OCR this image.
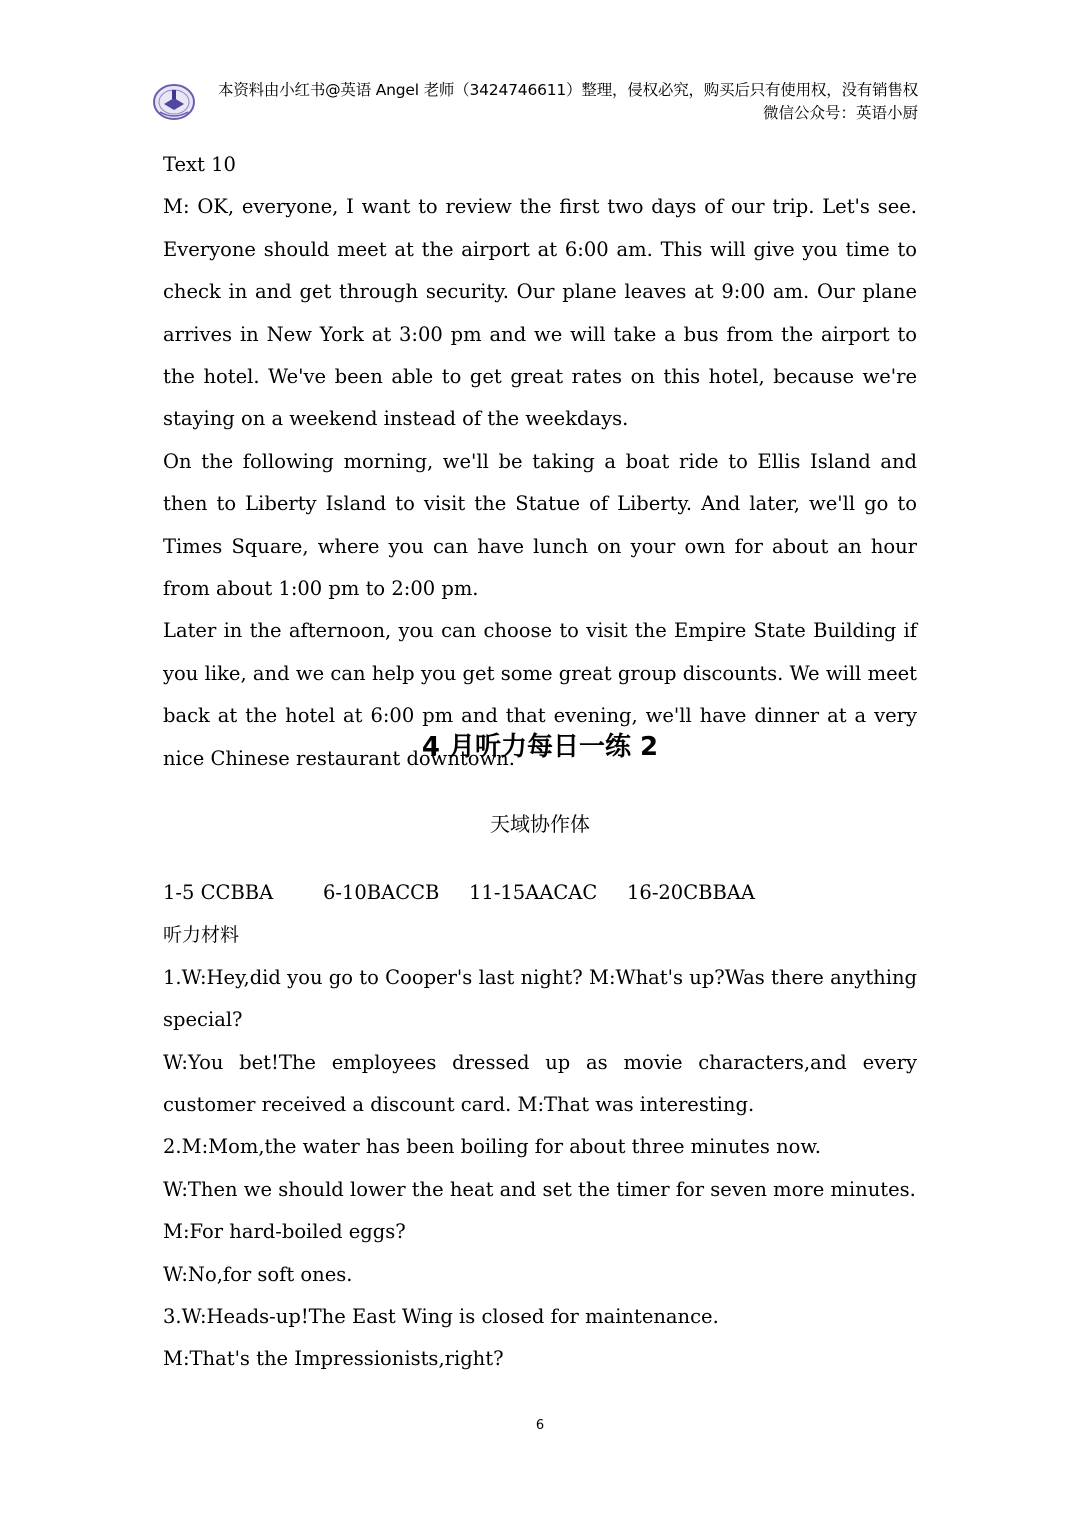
本资料由小红书@英语 Angel 老师（3424746611）整理，侵权必究，购买后只有使用权，没有销售权
微信公众号：英语小厨

Text 10

M: OK, everyone, I want to review the first two days of our trip. Let's see. Everyone should meet at the airport at 6:00 am. This will give you time to check in and get through security. Our plane leaves at 9:00 am. Our plane arrives in New York at 3:00 pm and we will take a bus from the airport to the hotel. We've been able to get great rates on this hotel, because we're staying on a weekend instead of the weekdays.

On the following morning, we'll be taking a boat ride to Ellis Island and then to Liberty Island to visit the Statue of Liberty. And later, we'll go to Times Square, where you can have lunch on your own for about an hour from about 1:00 pm to 2:00 pm.

Later in the afternoon, you can choose to visit the Empire State Building if you like, and we can help you get some great group discounts. We will meet back at the hotel at 6:00 pm and that evening, we'll have dinner at a very nice Chinese restaurant downtown.

4 月听力每日一练 2
天域协作体

1-5 CCBBA	6-10BACCB 11-15AACAC 16-20CBBAA

听力材料

1.W:Hey,did you go to Cooper's last night? M:What's up?Was there anything special?

W:You bet!The employees dressed up as movie characters,and every customer received a discount card. M:That was interesting.

2.M:Mom,the water has been boiling for about three minutes now.

W:Then we should lower the heat and set the timer for seven more minutes.

M:For hard-boiled eggs?

W:No,for soft ones.

3.W:Heads-up!The East Wing is closed for maintenance.

M:That's the Impressionists,right?

6
